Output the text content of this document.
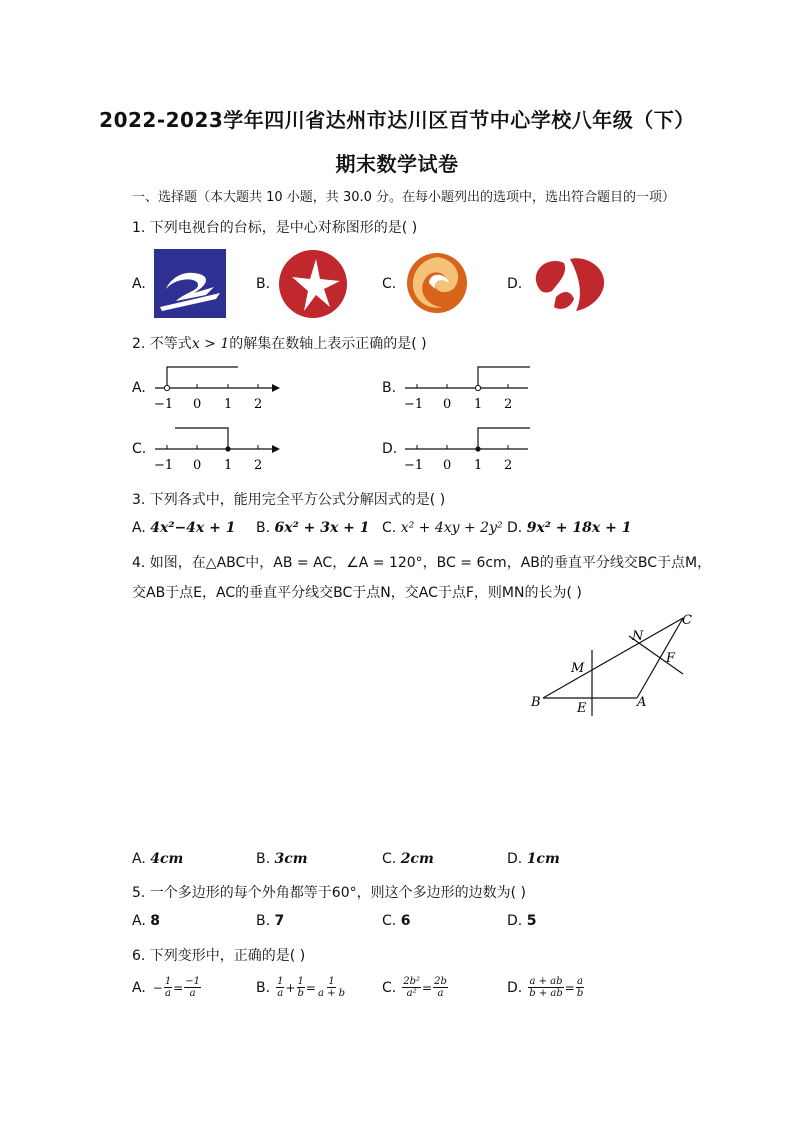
2022-2023学年四川省达州市达川区百节中心学校八年级（下）
期末数学试卷
一、选择题（本大题共 10 小题，共 30.0 分。在每小题列出的选项中，选出符合题目的一项）
1. 下列电视台的台标，是中心对称图形的是( )
A.	B.	C.	D.
2. 不等式x > 1的解集在数轴上表示正确的是( )
A.
−1 0 1 2
B.
−1 0 1 2
C.
−1 0 1 2
D.
−1 0 1 2
3. 下列各式中，能用完全平方公式分解因式的是( )
A. 4x²−4x + 1 B. 6x² + 3x + 1 C. x² + 4xy + 2y² D. 9x² + 18x + 1
4. 如图，在△ABC中，AB = AC，∠A = 120°，BC = 6cm，AB的垂直平分线交BC于点M，
交AB于点E，AC的垂直平分线交BC于点N，交AC于点F，则MN的长为( )
B	E
M
A
N
F
C
A. 4cm	B. 3cm	C. 2cm	D. 1cm
5. 一个多边形的每个外角都等于60°，则这个多边形的边数为( )
A. 8	B. 7	C. 6	D. 5
6. 下列变形中，正确的是( )
A. − $\frac{1}{a} = \frac{-1}{a}$	B. $\frac{1}{a} + \frac{1}{b} = \frac{1}{a + b}$	C. $\frac{\text{2b²}}{\text{a²}} = \frac{2b}{a}$	D. $\frac{a + ab}{b + ab} = \frac{a}{b}$
